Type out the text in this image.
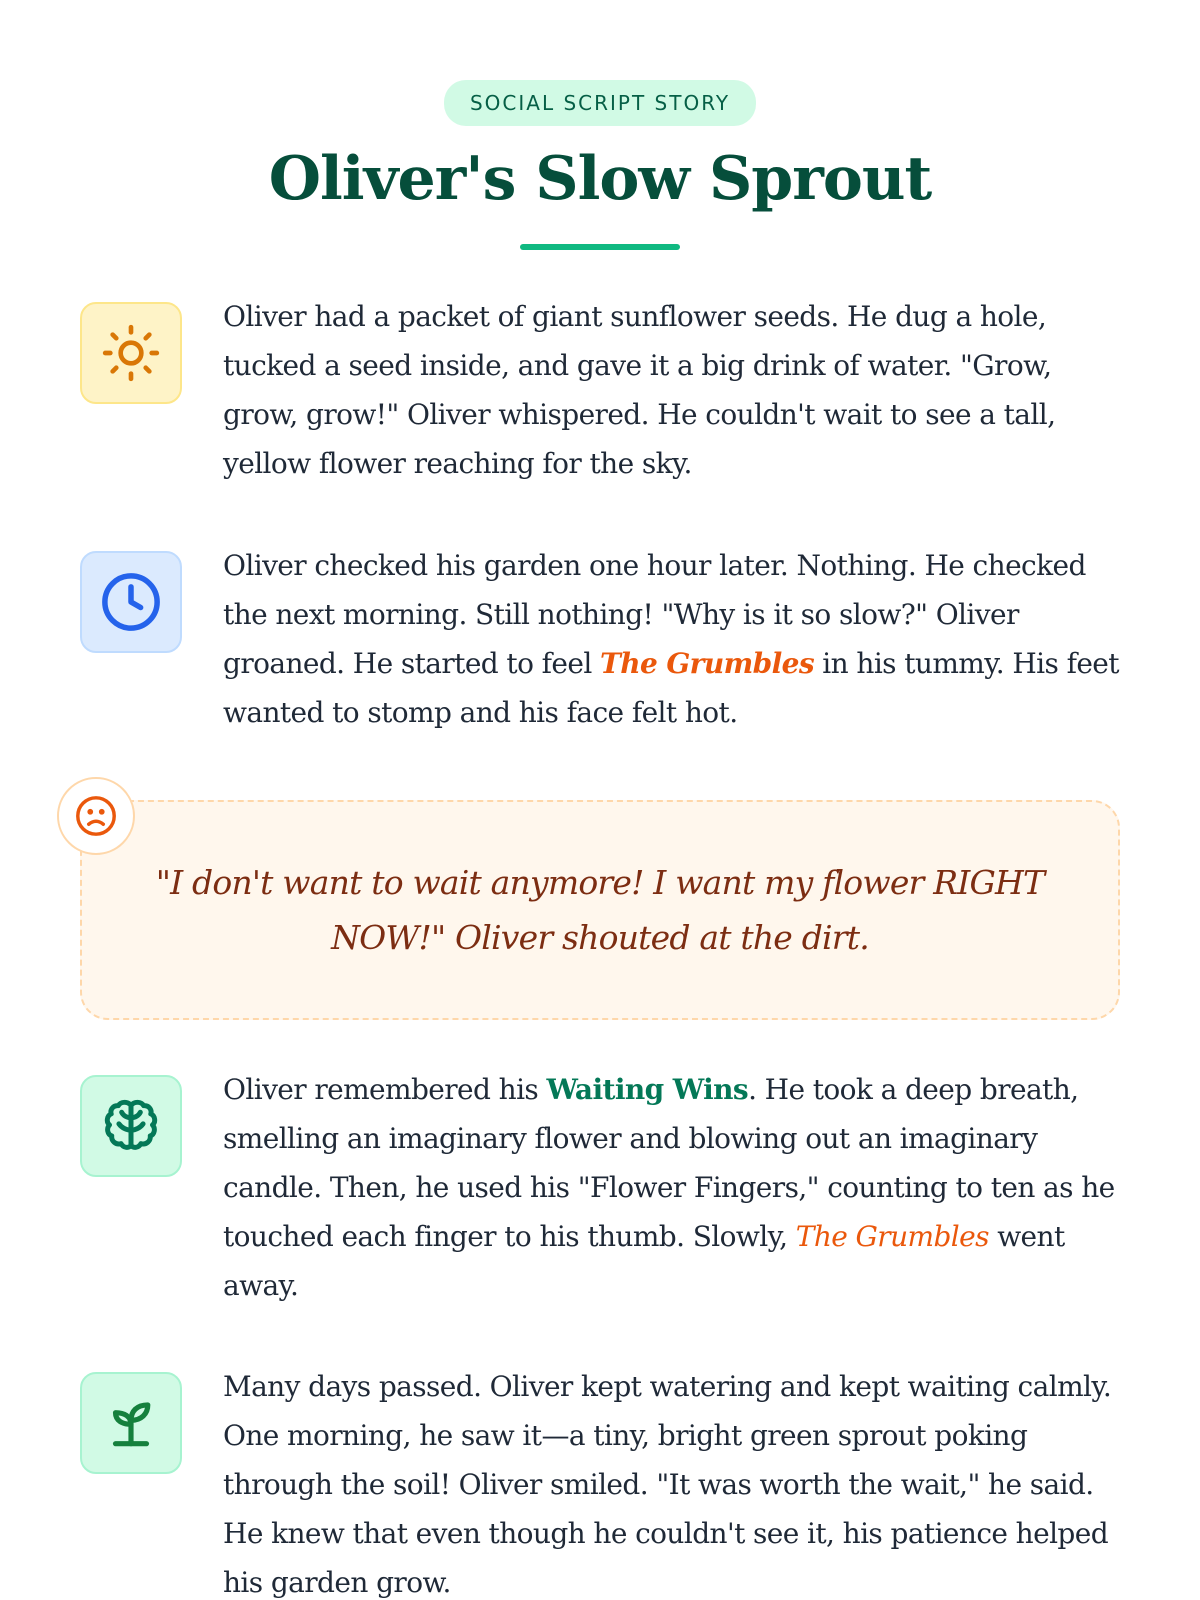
SOCIAL SCRIPT STORY
Oliver's Slow Sprout
Oliver had a packet of giant sunflower seeds. He dug a hole, tucked a seed inside, and gave it a big drink of water. "Grow, grow, grow!" Oliver whispered. He couldn't wait to see a tall, yellow flower reaching for the sky.
Oliver checked his garden one hour later. Nothing. He checked the next morning. Still nothing! "Why is it so slow?" Oliver groaned. He started to feel The Grumbles in his tummy. His feet wanted to stomp and his face felt hot.
"I don't want to wait anymore! I want my flower RIGHT NOW!" Oliver shouted at the dirt.
Oliver remembered his Waiting Wins. He took a deep breath, smelling an imaginary flower and blowing out an imaginary candle. Then, he used his "Flower Fingers," counting to ten as he touched each finger to his thumb. Slowly, The Grumbles went away.
Many days passed. Oliver kept watering and kept waiting calmly. One morning, he saw it—a tiny, bright green sprout poking through the soil! Oliver smiled. "It was worth the wait," he said. He knew that even though he couldn't see it, his patience helped his garden grow.
